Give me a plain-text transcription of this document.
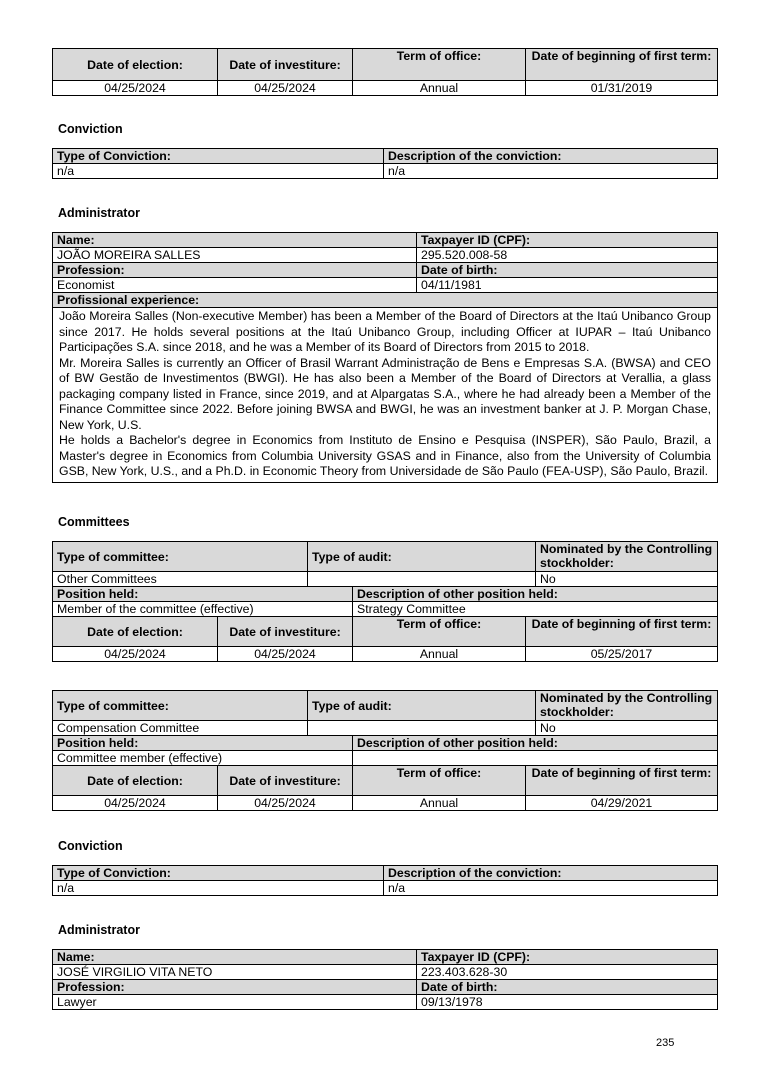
Date of election:	Date of investiture:	Term of office:	Date of beginning of first term:
04/25/2024	04/25/2024	Annual	01/31/2019
Conviction
Type of Conviction:	Description of the conviction:
n/a	n/a
Administrator
Name:	Taxpayer ID (CPF):
JOÃO MOREIRA SALLES	295.520.008-58
Profession:	Date of birth:
Economist	04/11/1981
Profissional experience:	

João Moreira Salles (Non-executive Member) has been a Member of the Board of Directors at the Itaú Unibanco Group since 2017. He holds several positions at the Itaú Unibanco Group, including Officer at IUPAR – Itaú Unibanco Participações S.A. since 2018, and he was a Member of its Board of Directors from 2015 to 2018.
Mr. Moreira Salles is currently an Officer of Brasil Warrant Administração de Bens e Empresas S.A. (BWSA) and CEO of BW Gestão de Investimentos (BWGI). He has also been a Member of the Board of Directors at Verallia, a glass packaging company listed in France, since 2019, and at Alpargatas S.A., where he had already been a Member of the Finance Committee since 2022. Before joining BWSA and BWGI, he was an investment banker at J. P. Morgan Chase, New York, U.S.
He holds a Bachelor's degree in Economics from Instituto de Ensino e Pesquisa (INSPER), São Paulo, Brazil, a Master's degree in Economics from Columbia University GSAS and in Finance, also from the University of Columbia GSB, New York, U.S., and a Ph.D. in Economic Theory from Universidade de São Paulo (FEA-USP), São Paulo, Brazil.	
Committees
Type of committee:	Type of audit:	Nominated by the Controlling stockholder:
Other Committees		No
Position held:	Description of other position held:
Member of the committee (effective)	Strategy Committee
Date of election:	Date of investiture:	Term of office:	Date of beginning of first term:
04/25/2024	04/25/2024	Annual	05/25/2017
Type of committee:	Type of audit:	Nominated by the Controlling stockholder:
Compensation Committee		No
Position held:	Description of other position held:
Committee member (effective)	
Date of election:	Date of investiture:	Term of office:	Date of beginning of first term:
04/25/2024	04/25/2024	Annual	04/29/2021
Conviction
Type of Conviction:	Description of the conviction:
n/a	n/a
Administrator
Name:	Taxpayer ID (CPF):
JOSÉ VIRGILIO VITA NETO	223.403.628-30
Profession:	Date of birth:
Lawyer	09/13/1978
235
